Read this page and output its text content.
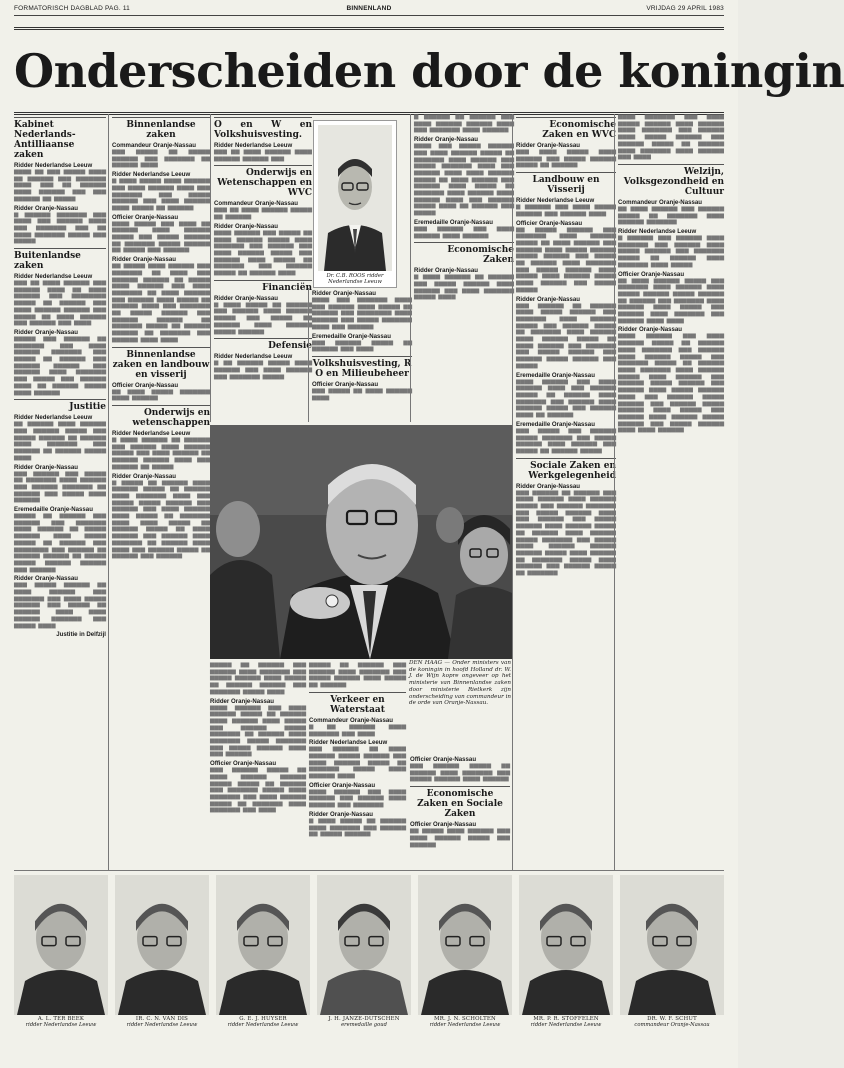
FORMATORISCH DAGBLAD PAG. 11	BINNENLAND	VRIJDAG 29 APRIL 1983
Onderscheiden door de koningin
Kabinet Nederlands-Antilliaanse zaken
Ridder Nederlandse Leeuw

▆▆▆▆ ▆▆ ▆▆▆ ▆▆▆▆▆ ▆▆▆▆ ▆▆ ▆▆▆▆▆▆ ▆▆▆ ▆▆▆▆▆▆▆ ▆▆▆▆ ▆▆▆ ▆▆ ▆▆▆▆▆▆ ▆▆▆▆ ▆▆▆▆▆▆ ▆▆▆ ▆▆▆ ▆▆▆▆▆▆ ▆▆ ▆▆▆▆▆

Ridder Oranje-Nassau

▆ ▆▆▆▆▆▆ ▆▆▆▆▆▆▆ ▆▆▆ ▆▆▆▆ ▆▆▆ ▆▆▆▆▆▆ ▆▆▆▆ ▆▆▆ ▆▆▆▆▆▆▆ ▆▆▆ ▆▆ ▆▆▆▆ ▆▆▆▆▆▆▆ ▆▆▆▆▆ ▆▆▆ ▆▆▆▆▆

Buitenlandse zaken
Ridder Nederlandse Leeuw

▆▆▆ ▆▆ ▆▆▆▆ ▆▆▆▆▆▆ ▆▆▆ ▆▆▆▆▆▆ ▆▆▆▆ ▆▆ ▆▆▆▆ ▆▆▆▆▆▆ ▆▆▆ ▆▆▆▆▆▆▆▆ ▆▆▆▆▆ ▆▆ ▆▆▆▆▆▆ ▆▆▆ ▆▆▆▆ ▆▆▆▆▆▆ ▆▆▆▆▆▆ ▆▆▆ ▆▆▆▆▆ ▆▆ ▆▆▆▆ ▆▆▆▆▆▆ ▆▆▆ ▆▆▆▆▆▆ ▆▆▆ ▆▆▆▆

Ridder Oranje-Nassau

▆▆▆▆▆ ▆▆▆ ▆▆▆▆▆▆ ▆▆ ▆▆▆▆▆▆▆ ▆▆▆ ▆▆▆▆ ▆▆▆▆▆▆ ▆▆▆▆▆▆▆ ▆▆▆ ▆▆▆▆▆ ▆▆ ▆▆▆▆▆▆ ▆▆▆ ▆▆▆▆▆▆ ▆▆▆▆▆▆ ▆▆▆ ▆▆▆▆▆▆ ▆▆▆▆ ▆▆▆▆▆▆▆ ▆▆▆ ▆▆▆▆▆ ▆▆▆ ▆▆▆▆▆▆ ▆▆▆▆ ▆▆ ▆▆▆▆▆▆ ▆▆▆▆▆ ▆▆▆▆ ▆▆▆▆▆▆

Justitie
Ridder Nederlandse Leeuw

▆▆ ▆▆▆▆▆▆ ▆▆▆▆ ▆▆▆▆▆▆ ▆▆▆ ▆▆▆▆▆▆ ▆▆▆▆▆ ▆▆▆ ▆▆▆▆▆ ▆▆▆▆▆▆ ▆▆ ▆▆▆▆▆▆ ▆▆▆▆ ▆▆▆▆▆▆▆ ▆▆▆ ▆▆▆▆▆▆ ▆▆ ▆▆▆▆▆▆ ▆▆▆▆▆ ▆▆▆▆

Ridder Oranje-Nassau

▆▆▆ ▆▆▆▆▆▆ ▆▆▆ ▆▆▆▆▆ ▆▆ ▆▆▆▆▆▆▆ ▆▆▆▆ ▆▆▆▆▆▆ ▆▆▆ ▆▆▆▆▆▆ ▆▆▆▆▆▆▆ ▆▆ ▆▆▆▆▆▆ ▆▆▆ ▆▆▆▆▆ ▆▆▆▆ ▆▆▆▆▆▆

Eremedaille Oranje-Nassau

▆▆▆▆▆ ▆▆ ▆▆▆▆▆▆ ▆▆▆ ▆▆▆▆▆▆ ▆▆▆ ▆▆▆▆▆▆▆ ▆▆▆▆ ▆▆▆▆▆▆ ▆▆ ▆▆▆▆▆ ▆▆▆▆▆▆ ▆▆▆▆ ▆▆▆▆▆ ▆▆▆▆▆ ▆▆ ▆▆▆▆▆▆ ▆▆▆ ▆▆▆▆▆▆▆▆ ▆▆▆ ▆▆▆▆▆▆ ▆▆ ▆▆▆▆▆▆ ▆▆▆▆▆▆ ▆▆ ▆▆▆▆▆ ▆▆▆▆▆ ▆▆▆▆▆▆ ▆▆▆▆▆▆ ▆▆▆ ▆▆▆▆▆▆

Ridder Oranje-Nassau

▆▆▆ ▆▆▆▆▆ ▆▆▆▆▆▆ ▆▆ ▆▆▆▆ ▆▆▆▆▆▆ ▆▆▆ ▆▆▆▆▆▆▆ ▆▆▆ ▆▆▆▆ ▆▆▆▆▆ ▆▆▆▆▆▆ ▆▆▆ ▆▆▆▆▆ ▆▆ ▆▆▆▆▆▆ ▆▆▆▆ ▆▆▆▆ ▆▆▆▆▆▆ ▆▆▆▆▆▆▆ ▆▆▆ ▆▆▆▆▆ ▆▆▆▆

Justitie in Delfzijl
Binnenlandse zaken
Commandeur Oranje-Nassau

▆▆▆ ▆▆▆▆▆ ▆▆ ▆▆▆▆▆ ▆▆▆▆▆▆ ▆▆▆ ▆▆▆▆▆▆▆ ▆▆ ▆▆▆▆▆▆ ▆▆▆▆

Ridder Nederlandse Leeuw

▆ ▆▆▆▆ ▆▆▆▆▆ ▆▆▆▆ ▆▆▆▆▆▆ ▆▆▆ ▆▆▆▆ ▆▆▆▆▆▆ ▆▆▆▆ ▆▆▆ ▆▆▆▆▆▆▆ ▆▆▆ ▆▆▆▆▆ ▆▆▆▆▆▆ ▆▆▆ ▆▆▆▆ ▆▆▆▆▆▆ ▆▆▆▆ ▆▆▆▆▆ ▆▆ ▆▆▆▆▆▆

Officier Oranje-Nassau

▆▆▆▆ ▆▆▆▆▆ ▆▆▆ ▆▆▆▆ ▆▆ ▆▆▆▆▆▆ ▆▆▆▆ ▆▆▆▆▆▆ ▆▆▆▆▆ ▆▆▆ ▆▆▆▆▆ ▆▆▆▆▆▆ ▆▆ ▆▆▆▆▆▆▆ ▆▆▆▆▆ ▆▆▆▆▆▆ ▆▆ ▆▆▆▆▆ ▆▆▆ ▆▆▆▆▆▆

Ridder Oranje-Nassau

▆▆ ▆▆▆▆▆ ▆▆▆▆ ▆▆▆▆▆▆ ▆▆▆ ▆▆▆▆▆▆▆ ▆▆ ▆▆▆▆ ▆▆▆ ▆▆▆▆▆▆ ▆▆▆▆▆▆ ▆▆ ▆▆▆▆▆ ▆▆▆▆ ▆▆▆▆▆▆ ▆▆▆ ▆▆▆▆ ▆▆▆▆▆▆▆ ▆▆ ▆▆▆▆ ▆▆▆▆▆▆ ▆▆▆ ▆▆▆▆▆▆ ▆▆▆▆ ▆▆▆▆▆ ▆▆ ▆▆▆▆▆▆ ▆▆▆▆ ▆▆▆ ▆▆▆▆▆▆▆ ▆▆ ▆▆▆▆▆ ▆▆▆▆▆▆ ▆▆▆ ▆▆▆▆▆▆ ▆▆▆▆▆▆ ▆▆ ▆▆▆▆▆▆▆ ▆▆▆▆▆ ▆▆ ▆▆▆▆▆▆ ▆▆▆▆▆▆ ▆▆ ▆▆▆▆▆▆▆ ▆▆▆ ▆▆▆▆▆▆ ▆▆▆▆ ▆▆▆▆

Binnenlandse zaken en landbouw en visserij
Officier Oranje-Nassau

▆▆ ▆▆▆▆ ▆▆▆▆▆ ▆▆▆▆▆▆▆ ▆▆▆▆ ▆▆▆▆▆▆

Onderwijs en wetenschappen
Ridder Nederlandse Leeuw

▆ ▆▆▆▆ ▆▆▆▆▆▆ ▆▆ ▆▆▆▆▆▆ ▆▆▆ ▆▆▆▆▆▆ ▆▆▆▆ ▆▆▆▆▆▆ ▆▆▆▆▆ ▆▆▆ ▆▆▆▆ ▆▆▆▆▆▆ ▆▆ ▆▆▆▆▆▆ ▆▆▆▆▆▆ ▆▆▆▆ ▆▆▆ ▆▆▆▆▆▆ ▆▆ ▆▆▆▆▆

Ridder Oranje-Nassau

▆ ▆▆▆▆▆ ▆▆ ▆▆▆▆▆▆ ▆▆▆▆ ▆▆▆▆▆▆ ▆▆▆▆▆ ▆▆ ▆▆▆▆▆▆ ▆▆▆▆ ▆▆▆▆▆▆▆ ▆▆▆▆ ▆▆▆ ▆▆▆▆▆ ▆▆▆▆▆ ▆▆▆▆▆▆ ▆▆▆ ▆▆▆▆▆▆ ▆▆▆ ▆▆▆▆ ▆▆▆▆▆▆ ▆▆▆▆ ▆▆▆▆▆ ▆▆ ▆▆▆▆▆▆▆ ▆▆▆▆ ▆▆▆▆ ▆▆▆▆▆ ▆▆ ▆▆▆▆▆▆ ▆▆▆▆▆ ▆▆ ▆▆▆▆ ▆▆▆▆▆▆ ▆▆▆ ▆▆▆▆▆▆ ▆▆▆▆ ▆▆▆▆▆▆▆ ▆▆ ▆▆▆▆▆▆ ▆▆▆▆ ▆▆▆▆ ▆▆▆ ▆▆▆▆▆▆ ▆▆▆▆▆ ▆▆ ▆▆▆▆▆▆ ▆▆▆ ▆▆▆▆▆▆

O en W en Volkshuisvesting.
Ridder Nederlandse Leeuw

▆▆▆ ▆▆ ▆▆▆▆ ▆▆▆▆▆▆ ▆▆▆▆ ▆▆▆▆▆▆ ▆▆▆▆▆▆ ▆▆▆

Onderwijs en Wetenschappen en WVC
Commandeur Oranje-Nassau

▆▆▆ ▆▆ ▆▆▆▆ ▆▆▆▆▆▆ ▆▆▆▆▆ ▆▆ ▆▆▆▆▆▆

Ridder Oranje-Nassau

▆▆▆▆ ▆▆▆▆▆▆ ▆▆▆ ▆▆▆▆▆ ▆▆ ▆▆▆▆ ▆▆▆▆▆▆ ▆▆▆▆▆ ▆▆▆▆ ▆▆▆▆▆▆▆ ▆▆▆ ▆▆▆▆▆▆ ▆▆▆ ▆▆▆▆ ▆▆▆▆▆▆ ▆▆▆▆▆ ▆▆▆ ▆▆▆▆▆▆ ▆▆▆▆ ▆▆▆▆▆ ▆▆ ▆▆▆▆▆▆▆ ▆▆▆ ▆▆▆▆▆▆ ▆▆▆▆▆ ▆▆ ▆▆▆▆▆▆ ▆▆▆▆

Financiën
Ridder Oranje-Nassau

▆ ▆▆▆▆ ▆▆▆▆▆ ▆▆ ▆▆▆▆▆▆ ▆▆▆ ▆▆▆▆▆▆ ▆▆▆▆ ▆▆▆▆▆▆ ▆▆▆▆▆ ▆▆▆ ▆▆▆▆▆ ▆▆ ▆▆▆▆▆▆ ▆▆▆▆ ▆▆▆▆▆▆ ▆▆▆▆▆ ▆▆▆▆▆▆

Defensie
Ridder Nederlandse Leeuw

▆ ▆▆ ▆▆▆▆▆▆ ▆▆▆▆▆ ▆▆▆▆ ▆▆▆▆▆▆ ▆▆▆ ▆▆▆▆ ▆▆▆▆▆▆ ▆▆▆ ▆▆▆▆▆▆▆ ▆▆▆▆▆

▆▆▆▆▆ ▆▆ ▆▆▆▆▆▆ ▆▆▆ ▆▆▆▆▆▆ ▆▆▆▆ ▆▆▆▆▆▆▆ ▆▆▆ ▆▆▆▆▆ ▆▆▆▆▆▆ ▆▆▆▆ ▆▆▆▆▆ ▆▆ ▆▆▆▆▆▆ ▆▆▆▆▆▆ ▆▆▆ ▆▆▆▆▆▆▆ ▆▆▆▆▆ ▆▆▆▆

Ridder Oranje-Nassau

▆▆▆▆ ▆▆▆▆▆▆ ▆▆▆ ▆▆▆▆ ▆▆▆▆▆▆ ▆▆▆▆▆ ▆▆ ▆▆▆▆▆▆ ▆▆▆▆ ▆▆▆▆▆▆ ▆▆▆▆ ▆▆▆▆▆ ▆▆▆ ▆▆▆▆▆▆ ▆▆▆▆▆ ▆▆▆▆▆▆▆ ▆▆ ▆▆▆▆▆▆ ▆▆▆▆ ▆▆▆▆▆▆▆ ▆▆▆▆▆ ▆▆▆▆▆▆▆ ▆▆▆ ▆▆▆▆▆ ▆▆▆▆▆▆ ▆▆▆▆ ▆▆▆ ▆▆▆▆▆▆

Officier Oranje-Nassau

▆▆▆ ▆▆▆▆▆▆ ▆▆▆▆▆ ▆▆ ▆▆▆▆ ▆▆▆▆▆▆ ▆▆▆▆▆▆ ▆▆▆▆▆ ▆▆▆▆▆ ▆▆ ▆▆▆▆▆▆ ▆▆▆ ▆▆▆▆▆▆▆ ▆▆▆▆▆ ▆▆▆▆ ▆▆▆▆▆▆▆ ▆▆▆ ▆▆▆▆ ▆▆▆▆▆▆ ▆▆▆▆▆ ▆▆ ▆▆▆▆▆▆▆ ▆▆▆▆ ▆▆▆▆▆▆▆ ▆▆▆ ▆▆▆▆

Dr. C.B. ROOS ridder Nederlandse Leeuw
Ridder Oranje-Nassau

▆▆▆▆ ▆▆▆ ▆▆▆▆▆▆▆ ▆▆▆▆ ▆▆▆ ▆▆▆▆▆▆ ▆▆▆▆ ▆▆▆▆▆ ▆▆ ▆▆▆▆▆▆ ▆▆▆ ▆▆▆▆▆▆▆▆ ▆▆▆▆ ▆▆▆▆▆▆ ▆▆▆ ▆▆▆▆▆ ▆▆▆▆▆▆▆ ▆▆▆▆ ▆▆▆ ▆▆▆▆▆▆

Eremedaille Oranje-Nassau

▆▆▆ ▆▆▆▆▆▆ ▆▆▆▆▆ ▆▆ ▆▆▆▆▆▆ ▆▆▆ ▆▆▆▆

Volkshuisvesting, R O en Milieubeheer
Officier Oranje-Nassau

▆▆▆ ▆▆▆▆▆ ▆▆ ▆▆▆▆ ▆▆▆▆▆▆ ▆▆▆▆

▆▆▆▆▆ ▆▆ ▆▆▆▆▆▆ ▆▆▆ ▆▆▆▆▆▆ ▆▆▆▆ ▆▆▆▆▆▆▆ ▆▆▆ ▆▆▆▆▆ ▆▆▆▆▆▆ ▆▆▆▆ ▆▆▆▆▆ ▆▆ ▆▆▆▆▆▆

Verkeer en Waterstaat
Commandeur Oranje-Nassau

▆ ▆▆ ▆▆▆▆▆▆ ▆▆▆▆ ▆▆▆▆▆▆▆ ▆▆▆ ▆▆▆▆

Ridder Nederlandse Leeuw

▆▆▆ ▆▆▆▆▆▆ ▆▆ ▆▆▆▆ ▆▆▆▆▆▆ ▆▆▆▆▆ ▆▆▆▆▆▆ ▆▆▆ ▆▆▆▆ ▆▆▆▆▆▆ ▆▆▆▆▆ ▆▆ ▆▆▆▆▆▆▆ ▆▆▆▆▆ ▆▆▆▆ ▆▆▆▆▆▆ ▆▆▆▆

Officier Oranje-Nassau

▆▆▆▆ ▆▆▆▆▆▆ ▆▆▆ ▆▆▆▆ ▆▆▆▆▆▆ ▆▆▆ ▆▆▆▆▆▆ ▆▆▆▆ ▆▆▆▆▆▆ ▆▆▆ ▆▆▆▆▆▆▆

Ridder Oranje-Nassau

▆ ▆▆▆▆ ▆▆▆▆▆ ▆▆ ▆▆▆▆▆▆ ▆▆▆▆ ▆▆▆▆▆▆▆ ▆▆▆ ▆▆▆▆▆▆ ▆▆ ▆▆▆▆▆ ▆▆▆▆▆▆

▆ ▆▆▆▆▆▆ ▆▆ ▆▆▆▆▆▆ ▆▆▆ ▆▆▆▆ ▆▆▆▆▆▆ ▆▆▆▆▆▆ ▆▆▆▆ ▆▆▆ ▆▆▆▆▆▆▆ ▆▆▆▆ ▆▆▆▆▆▆

Ridder Oranje-Nassau

▆▆▆▆ ▆▆▆ ▆▆▆▆▆ ▆▆▆▆▆▆ ▆▆▆ ▆▆▆▆ ▆▆▆▆▆▆ ▆▆▆▆▆ ▆▆ ▆▆▆▆▆▆▆ ▆▆▆▆ ▆▆▆▆▆▆ ▆▆▆ ▆▆▆▆▆ ▆▆▆▆▆▆▆ ▆▆▆▆ ▆▆▆ ▆▆▆▆▆▆ ▆▆▆▆ ▆▆▆▆ ▆▆▆▆▆▆ ▆▆▆▆▆ ▆▆ ▆▆▆▆ ▆▆▆▆▆▆ ▆▆▆ ▆▆▆▆▆▆ ▆▆▆▆ ▆▆▆▆▆ ▆▆ ▆▆▆▆▆▆▆ ▆▆▆▆ ▆▆▆▆▆▆ ▆▆▆▆ ▆▆▆▆▆▆ ▆▆▆▆ ▆▆▆ ▆▆▆▆▆▆ ▆▆▆▆▆ ▆▆▆▆ ▆▆ ▆▆▆▆▆▆ ▆▆▆ ▆▆▆▆▆

Eremedaille Oranje-Nassau

▆▆▆ ▆▆▆▆▆▆ ▆▆▆ ▆▆▆▆ ▆▆▆▆▆▆ ▆▆▆▆ ▆▆▆▆▆▆

Economische Zaken
Ridder Oranje-Nassau

▆ ▆▆▆▆ ▆▆▆▆▆▆ ▆▆ ▆▆▆▆▆▆ ▆▆▆ ▆▆▆▆▆ ▆▆▆▆▆▆ ▆▆▆▆ ▆▆▆▆▆▆ ▆▆▆ ▆▆▆▆ ▆▆▆▆▆▆▆ ▆▆▆▆▆ ▆▆▆▆

Officier Oranje-Nassau

▆▆▆ ▆▆▆▆▆▆ ▆▆▆▆▆ ▆▆ ▆▆▆▆▆▆ ▆▆▆▆ ▆▆▆▆▆▆▆ ▆▆▆ ▆▆▆▆▆ ▆▆▆▆▆▆ ▆▆▆▆ ▆▆▆▆▆▆

Economische Zaken en Sociale Zaken
Officier Oranje-Nassau

▆▆ ▆▆▆▆▆ ▆▆▆▆ ▆▆▆▆▆▆ ▆▆▆ ▆▆▆▆ ▆▆▆▆▆▆ ▆▆▆▆▆ ▆▆▆ ▆▆▆▆▆▆

Economische Zaken en WVC
Ridder Oranje-Nassau

▆▆▆ ▆▆▆▆ ▆▆▆▆▆ ▆▆▆▆ ▆▆▆▆▆▆ ▆▆▆ ▆▆▆▆▆ ▆▆▆▆▆▆ ▆▆▆▆▆ ▆▆ ▆▆▆▆▆▆

Landbouw en Visserij
Ridder Nederlandse Leeuw

▆ ▆▆▆▆▆▆ ▆▆▆ ▆▆▆▆ ▆▆▆▆▆ ▆▆▆▆▆▆ ▆▆▆ ▆▆▆▆▆▆ ▆▆▆▆

Officier Oranje-Nassau

▆▆ ▆▆▆▆▆ ▆▆▆▆▆▆ ▆▆▆ ▆▆▆▆▆▆▆ ▆▆▆▆ ▆▆▆▆▆▆ ▆▆▆▆▆ ▆▆ ▆▆▆▆ ▆▆▆▆▆▆ ▆▆▆ ▆▆▆▆▆▆ ▆▆▆▆ ▆▆▆▆▆ ▆▆▆▆▆▆ ▆▆▆▆▆ ▆▆▆▆▆▆ ▆▆▆ ▆▆▆▆▆ ▆▆ ▆▆▆▆▆▆ ▆▆▆▆ ▆▆▆▆▆▆▆ ▆▆▆ ▆▆▆▆▆ ▆▆▆▆▆▆ ▆▆▆▆ ▆▆▆▆▆ ▆▆▆▆ ▆▆▆▆▆▆ ▆▆▆▆▆ ▆▆▆▆ ▆▆▆▆▆▆ ▆▆▆ ▆▆▆▆▆ ▆▆▆▆▆

Ridder Oranje-Nassau

▆▆▆ ▆▆▆▆▆▆ ▆▆ ▆▆▆▆▆▆ ▆▆▆▆ ▆▆▆▆▆ ▆▆▆▆▆▆ ▆▆▆ ▆▆▆▆▆▆▆ ▆▆▆▆ ▆▆▆▆▆▆ ▆▆▆▆▆ ▆▆▆ ▆▆▆▆▆▆ ▆▆▆▆▆ ▆▆ ▆▆▆▆▆▆▆ ▆▆▆▆ ▆▆▆▆▆▆ ▆▆▆▆ ▆▆▆▆▆▆ ▆▆▆▆▆ ▆▆ ▆▆▆▆ ▆▆▆▆▆▆ ▆▆▆ ▆▆▆▆▆▆▆ ▆▆▆ ▆▆▆▆▆ ▆▆▆▆▆▆ ▆▆▆ ▆▆▆▆▆▆ ▆▆▆▆▆ ▆▆▆▆▆▆ ▆▆▆ ▆▆▆▆▆

Eremedaille Oranje-Nassau

▆▆▆▆ ▆▆▆▆▆▆ ▆▆▆ ▆▆▆▆ ▆▆▆▆▆▆ ▆▆▆▆ ▆▆▆ ▆▆▆▆▆▆ ▆▆▆▆▆ ▆▆ ▆▆▆▆▆▆ ▆▆▆▆ ▆▆▆▆▆▆▆ ▆▆▆ ▆▆▆▆▆▆ ▆▆▆▆ ▆▆▆▆▆▆ ▆▆▆▆▆ ▆▆▆ ▆▆▆▆▆▆ ▆▆▆▆ ▆▆ ▆▆▆▆▆▆

Eremedaille Oranje-Nassau

▆▆▆ ▆▆▆▆▆ ▆▆▆ ▆▆▆▆▆▆ ▆▆▆▆▆ ▆▆▆▆▆▆▆ ▆▆▆ ▆▆▆▆▆ ▆▆▆▆▆▆ ▆▆▆▆ ▆▆▆▆▆▆ ▆▆▆ ▆▆▆▆▆ ▆▆ ▆▆▆▆▆▆ ▆▆▆▆▆

Sociale Zaken en Werkgelegenheid
Ridder Oranje-Nassau

▆▆▆ ▆▆▆▆▆▆ ▆▆ ▆▆▆▆▆▆ ▆▆▆ ▆▆▆▆ ▆▆▆▆▆▆ ▆▆▆▆ ▆▆▆▆▆▆ ▆▆▆▆▆ ▆▆▆ ▆▆▆▆▆▆ ▆▆▆▆▆▆▆ ▆▆▆ ▆▆▆▆▆ ▆▆▆▆▆▆ ▆▆▆▆ ▆▆▆ ▆▆▆▆▆▆ ▆▆▆ ▆▆▆▆▆ ▆▆▆▆▆▆ ▆▆▆▆ ▆▆▆▆▆▆ ▆▆▆▆▆ ▆▆ ▆▆▆▆▆▆ ▆▆▆▆ ▆▆▆▆▆▆ ▆▆▆▆▆ ▆▆▆▆▆▆▆ ▆▆▆ ▆▆▆▆▆ ▆▆▆▆ ▆▆▆▆▆▆ ▆▆▆▆▆▆ ▆▆▆▆▆▆ ▆▆▆▆▆ ▆▆▆▆ ▆▆▆▆▆▆ ▆▆ ▆▆▆▆▆▆▆ ▆▆▆▆▆ ▆▆▆▆ ▆▆▆▆▆▆ ▆▆▆ ▆▆▆▆▆▆ ▆▆▆▆▆ ▆▆ ▆▆▆▆▆▆▆

▆▆▆▆ ▆▆▆▆▆▆▆ ▆▆▆ ▆▆▆▆ ▆▆▆▆▆ ▆▆▆▆▆▆ ▆▆▆▆ ▆▆▆▆▆▆ ▆▆▆▆ ▆▆▆▆▆▆▆ ▆▆▆ ▆▆▆▆▆▆ ▆▆▆▆ ▆▆▆▆▆ ▆▆▆▆▆▆ ▆▆▆ ▆▆▆▆▆▆ ▆▆▆▆▆ ▆▆ ▆▆▆▆▆▆ ▆▆▆▆ ▆▆▆▆▆▆▆ ▆▆▆▆ ▆▆▆▆▆▆ ▆▆▆ ▆▆▆▆

Welzijn, Volksgezondheid en Cultuur
Commandeur Oranje-Nassau

▆▆ ▆▆▆▆ ▆▆▆▆▆▆ ▆▆▆ ▆▆▆▆▆▆ ▆▆▆▆▆ ▆▆ ▆▆▆▆▆▆▆ ▆▆▆▆ ▆▆▆▆▆▆ ▆▆▆▆▆▆▆

Ridder Nederlandse Leeuw

▆ ▆▆▆▆▆▆ ▆▆▆ ▆▆▆▆▆▆ ▆▆▆▆ ▆▆▆▆▆▆▆ ▆▆▆ ▆▆▆▆▆▆ ▆▆▆▆ ▆▆▆▆▆ ▆▆▆▆▆▆ ▆▆▆ ▆▆▆▆▆▆▆ ▆▆▆▆▆ ▆▆ ▆▆▆▆▆▆ ▆▆▆▆ ▆▆▆▆▆▆▆ ▆▆▆▆ ▆▆▆▆▆

Officier Oranje-Nassau

▆▆ ▆▆▆▆ ▆▆▆▆▆▆ ▆▆▆▆▆ ▆▆▆ ▆▆▆▆▆▆▆ ▆▆▆▆ ▆▆▆▆▆▆ ▆▆▆▆ ▆▆▆▆▆ ▆▆▆▆▆▆ ▆▆▆▆▆ ▆▆▆▆▆▆ ▆▆ ▆▆▆▆▆▆ ▆▆▆ ▆▆▆▆▆▆▆ ▆▆▆▆ ▆▆▆▆▆▆ ▆▆▆▆ ▆▆▆▆▆ ▆▆▆ ▆▆▆▆▆▆ ▆▆▆▆ ▆▆▆▆▆▆▆ ▆▆▆ ▆▆▆▆▆▆ ▆▆▆▆ ▆▆▆▆

Ridder Oranje-Nassau

▆▆▆▆ ▆▆▆▆▆▆ ▆▆▆ ▆▆▆▆ ▆▆▆▆▆▆ ▆▆▆▆▆ ▆▆ ▆▆▆▆▆▆ ▆▆▆▆ ▆▆▆▆▆▆▆ ▆▆▆ ▆▆▆▆▆▆ ▆▆▆▆ ▆▆▆▆▆▆ ▆▆▆▆▆ ▆▆▆ ▆▆▆▆▆▆▆ ▆▆▆▆▆ ▆▆ ▆▆▆▆▆▆ ▆▆▆▆ ▆▆▆▆▆▆▆ ▆▆▆▆ ▆▆▆▆▆▆ ▆▆▆▆▆ ▆▆▆▆ ▆▆▆▆▆▆ ▆▆▆ ▆▆▆▆▆▆ ▆▆▆▆▆ ▆▆▆▆▆▆ ▆▆▆ ▆▆▆▆▆▆ ▆▆▆▆ ▆▆▆▆▆ ▆▆▆▆▆▆ ▆▆▆▆ ▆▆▆ ▆▆▆▆▆▆ ▆▆▆▆▆ ▆▆▆▆▆▆ ▆▆▆ ▆▆▆▆▆▆ ▆▆▆▆▆ ▆▆▆▆▆▆ ▆▆▆▆ ▆▆▆▆▆ ▆▆▆ ▆▆▆▆▆▆ ▆▆▆▆ ▆▆▆▆▆▆ ▆▆▆▆▆ ▆▆▆▆▆▆ ▆▆▆ ▆▆▆▆▆ ▆▆▆▆▆▆ ▆▆▆▆ ▆▆▆▆ ▆▆▆▆▆▆

DEN HAAG — Onder ministers van de koningin in hoofd Holland dr. W. J. de Wijn kopre ongeveer op het ministerie van Binnenlandse zaken door ministerie Rietkerk zijn onderscheiding van commandeur in de orde van Oranje-Nassau.
A. L. TER BEEK
ridder Nederlandse Leeuw
IR. C. N. VAN DIS
ridder Nederlandse Leeuw
G. E. J. HUYSER
ridder Nederlandse Leeuw
J. H. JANZE-DUTSCHEN
eremedaille goud
MR. J. N. SCHOLTEN
ridder Nederlandse Leeuw
MR. P. R. STOFFELEN
ridder Nederlandse Leeuw
DR. W. F. SCHUT
commandeur Oranje-Nassau
